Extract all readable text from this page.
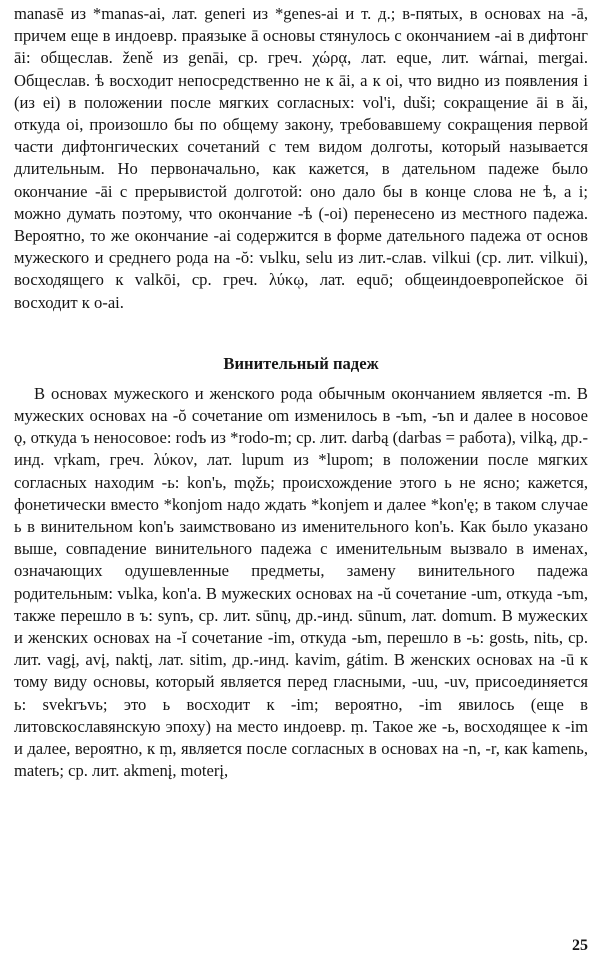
manasē из *manas-ai, лат. generi из *genes-ai и т. д.; в-пятых, в основах на -ā, причем еще в индоевр. праязыке ā основы стянулось с окончанием -ai в дифтонг āi: общеслав. ženě из genāi, ср. греч. χώρᾳ, лат. eque, лит. wárnai, mergai. Общеслав. ѣ восходит непосредственно не к āi, а к oi, что видно из появления i (из ei) в положении после мягких согласных: vol'i, duši; сокращение āi в ăi, откуда oi, произошло бы по общему закону, требовавшему сокращения первой части дифтонгических сочетаний с тем видом долготы, который называется длительным. Но первоначально, как кажется, в дательном падеже было окончание -āi с прерывистой долготой: оно дало бы в конце слова не ѣ, а i; можно думать поэтому, что окончание -ѣ (-oi) перенесено из местного падежа. Вероятно, то же окончание -ai содержится в форме дательного падежа от основ мужеского и среднего рода на -ŏ: vьlku, selu из лит.-слав. vilkui (ср. лит. vilkui), восходящего к vаlkōi, ср. греч. λύκῳ, лат. equō; общеиндоевропейское ōi восходит к o-ai.

Винительный падеж

В основах мужеского и женского рода обычным окончанием является -m. В мужеских основах на -ŏ сочетание om изменилось в -ъm, -ъn и далее в носовое ǫ, откуда ъ неносовое: rodъ из *rodo-m; ср. лит. darbą (darbas = работа), vilką, др.-инд. vŗkam, греч. λύκον, лат. lupum из *lupom; в положении после мягких согласных находим -ь: kon'ь, mǫžь; происхождение этого ь не ясно; кажется, фонетически вместо *konjom надо ждать *konjem и далее *kon'ę; в таком случае ь в винительном kon'ь заимствовано из именительного kon'ь. Как было указано выше, совпадение винительного падежа с именительным вызвало в именах, означающих одушевленные предметы, замену винительного падежа родительным: vьlka, kon'a. В мужеских основах на -ŭ сочетание -um, откуда -ъm, также перешло в ъ: synъ, ср. лит. sūnų, др.-инд. sūnum, лат. domum. В мужеских и женских основах на -ĭ сочетание -im, откуда -ьm, перешло в -ь: gostь, nitь, ср. лит. vagį, avį, naktį, лат. sitim, др.-инд. kavim, gátim. В женских основах на -ū к тому виду основы, который является перед гласными, -uu, -uv, присоединяется ь: svekrъvь; это ь восходит к -im; вероятно, -im явилось (еще в литовскославянскую эпоху) на место индоевр. ṃ. Такое же -ь, восходящее к -im и далее, вероятно, к ṃ, является после согласных в основах на -n, -r, как kamenь, materь; ср. лит. akmenį, moterį,

25
